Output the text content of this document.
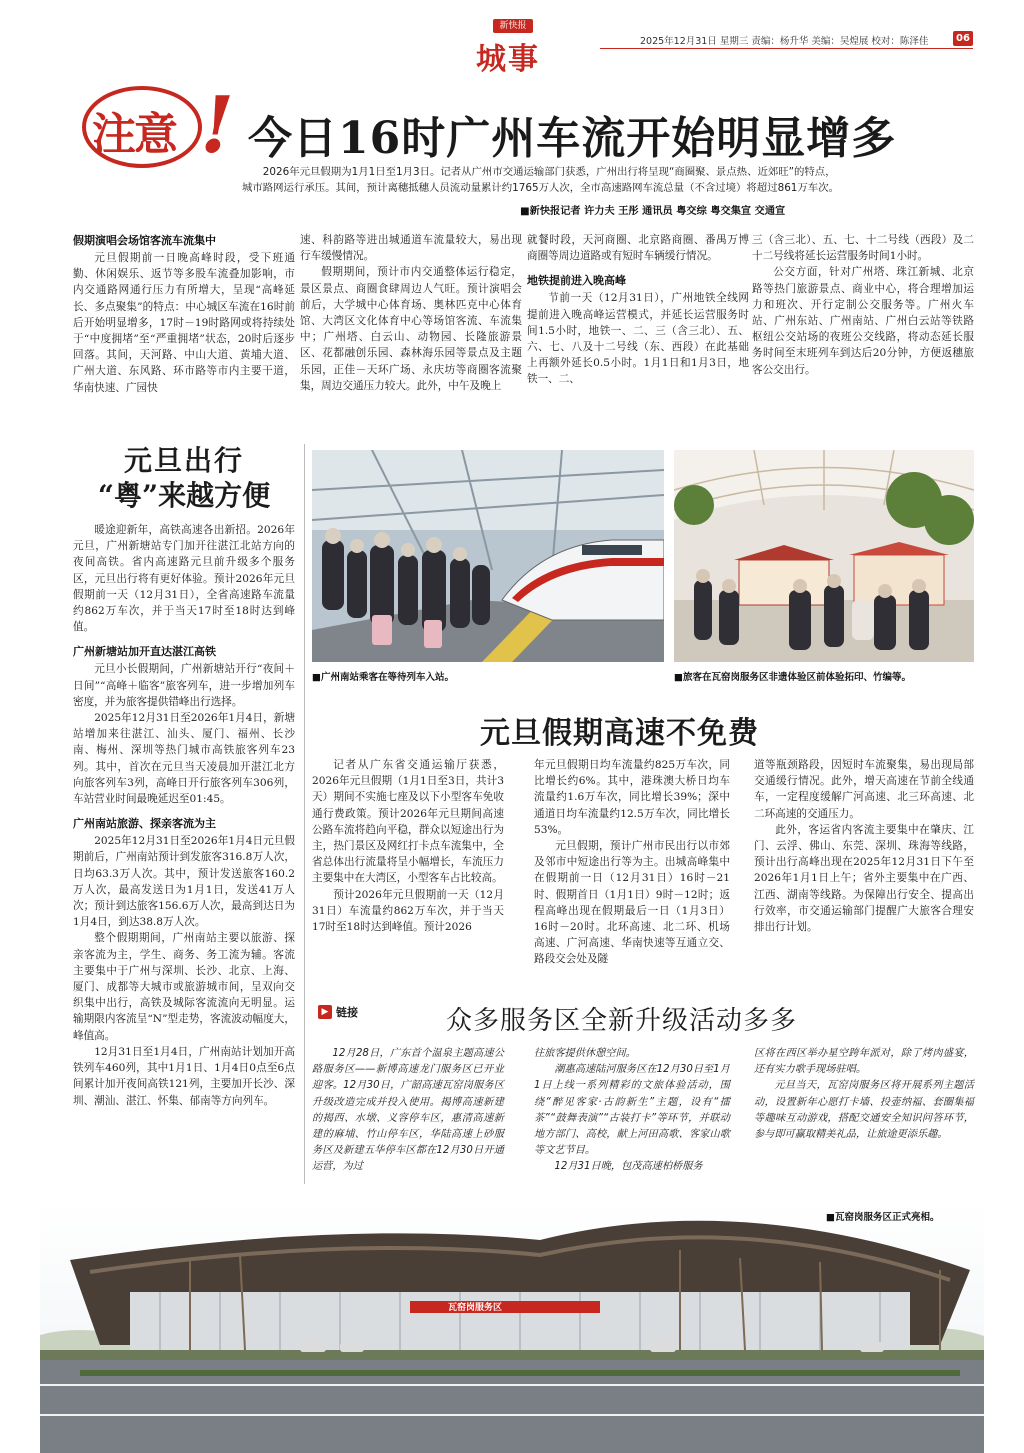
新快报
城事
2025年12月31日 星期三 责编：杨升华 美编：吴煌展 校对：陈泽佳	06
注意 ! 今日16时广州车流开始明显增多
2026年元旦假期为1月1日至1月3日。记者从广州市交通运输部门获悉，广州出行将呈现“商圈聚、景点热、近郊旺”的特点，城市路网运行承压。其间，预计离穗抵穗人员流动量累计约1765万人次，全市高速路网车流总量（不含过境）将超过861万车次。
■新快报记者 许力夫 王彤 通讯员 粤交综 粤交集宣 交通宣
假期演唱会场馆客流车流集中

元旦假期前一日晚高峰时段，受下班通勤、休闲娱乐、返节等多股车流叠加影响，市内交通路网通行压力有所增大，呈现“高峰延长、多点聚集”的特点：中心城区车流在16时前后开始明显增多，17时－19时路网或将持续处于“中度拥堵”至“严重拥堵”状态，20时后逐步回落。其间，天河路、中山大道、黄埔大道、广州大道、东风路、环市路等市内主要干道，华南快速、广园快

速、科韵路等进出城通道车流量较大，易出现行车缓慢情况。

假期期间，预计市内交通整体运行稳定，景区景点、商圈食肆周边人气旺。预计演唱会前后，大学城中心体育场、奥林匹克中心体育馆、大湾区文化体育中心等场馆客流、车流集中；广州塔、白云山、动物园、长隆旅游景区、花都融创乐园、森林海乐园等景点及主题乐园，正佳－天环广场、永庆坊等商圈客流聚集，周边交通压力较大。此外，中午及晚上

就餐时段，天河商圈、北京路商圈、番禺万博商圈等周边道路或有短时车辆缓行情况。

地铁提前进入晚高峰

节前一天（12月31日），广州地铁全线网提前进入晚高峰运营模式，并延长运营服务时间1.5小时，地铁一、二、三（含三北）、五、六、七、八及十二号线（东、西段）在此基础上再额外延长0.5小时。1月1日和1月3日，地铁一、二、

三（含三北）、五、七、十二号线（西段）及二十二号线将延长运营服务时间1小时。

公交方面，针对广州塔、珠江新城、北京路等热门旅游景点、商业中心，将合理增加运力和班次、开行定制公交服务等。广州火车站、广州东站、广州南站、广州白云站等铁路枢纽公交站场的夜班公交线路，将动态延长服务时间至末班列车到达后20分钟，方便返穗旅客公交出行。

元旦出行
“粤”来越方便

暖途迎新年，高铁高速各出新招。2026年元旦，广州新塘站专门加开往湛江北站方向的夜间高铁。省内高速路元旦前升级多个服务区，元旦出行将有更好体验。预计2026年元旦假期前一天（12月31日），全省高速路车流量约862万车次，并于当天17时至18时达到峰值。

广州新塘站加开直达湛江高铁

元旦小长假期间，广州新塘站开行“夜间＋日间”“高峰＋临客”旅客列车，进一步增加列车密度，并为旅客提供错峰出行选择。

2025年12月31日至2026年1月4日，新塘站增加来往湛江、汕头、厦门、福州、长沙南、梅州、深圳等热门城市高铁旅客列车23列。其中，首次在元旦当天凌晨加开湛江北方向旅客列车3列，高峰日开行旅客列车306列，车站营业时间最晚延迟至01:45。

广州南站旅游、探亲客流为主

2025年12月31日至2026年1月4日元旦假期前后，广州南站预计到发旅客316.8万人次，日均63.3万人次。其中，预计发送旅客160.2万人次，最高发送日为1月1日，发送41万人次；预计到达旅客156.6万人次，最高到达日为1月4日，到达38.8万人次。

整个假期期间，广州南站主要以旅游、探亲客流为主，学生、商务、务工流为辅。客流主要集中于广州与深圳、长沙、北京、上海、厦门、成都等大城市或旅游城市间，呈双向交织集中出行，高铁及城际客流流向无明显。运输期限内客流呈“N”型走势，客流波动幅度大，峰值高。

12月31日至1月4日，广州南站计划加开高铁列车460列，其中1月1日、1月4日0点至6点间累计加开夜间高铁121列，主要加开长沙、深圳、潮汕、湛江、怀集、郁南等方向列车。

■广州南站乘客在等待列车入站。	■旅客在瓦窑岗服务区非遗体验区前体验拓印、竹编等。
元旦假期高速不免费

记者从广东省交通运输厅获悉，2026年元旦假期（1月1日至3日，共计3天）期间不实施七座及以下小型客车免收通行费政策。预计2026年元旦期间高速公路车流将趋向平稳，群众以短途出行为主，热门景区及网红打卡点车流集中，全省总体出行流量将呈小幅增长，车流压力主要集中在大湾区，小型客车占比较高。

预计2026年元旦假期前一天（12月31日）车流量约862万车次，并于当天17时至18时达到峰值。预计2026

年元旦假期日均车流量约825万车次，同比增长约6%。其中，港珠澳大桥日均车流量约1.6万车次，同比增长39%；深中通道日均车流量约12.5万车次，同比增长53%。

元旦假期，预计广州市民出行以市郊及邻市中短途出行等为主。出城高峰集中在假期前一日（12月31日）16时－21时、假期首日（1月1日）9时－12时；返程高峰出现在假期最后一日（1月3日）16时－20时。北环高速、北二环、机场高速、广河高速、华南快速等互通立交、路段交会处及隧

道等瓶颈路段，因短时车流聚集，易出现局部交通缓行情况。此外，增天高速在节前全线通车，一定程度缓解广河高速、北三环高速、北二环高速的交通压力。

此外，客运省内客流主要集中在肇庆、江门、云浮、佛山、东莞、深圳、珠海等线路，预计出行高峰出现在2025年12月31日下午至2026年1月1日上午；省外主要集中在广西、江西、湖南等线路。为保障出行安全、提高出行效率，市交通运输部门提醒广大旅客合理安排出行计划。

▶ 链接	众多服务区全新升级活动多多

12月28日，广东首个温泉主题高速公路服务区——新博高速龙门服务区已开业迎客。12月30日，广韶高速瓦窑岗服务区升级改造完成并投入使用。揭博高速新建的揭西、水墩、义容停车区，惠清高速新建的麻埔、竹山停车区，华陆高速上砂服务区及新建五华停车区都在12月30日开通运营，为过

往旅客提供休憩空间。

潮惠高速陆河服务区在12月30日至1月1日上线一系列精彩的文旅体验活动，围绕“醉见客家·古韵新生”主题，设有“擂茶”“鼓舞表演”“古装打卡”等环节，并联动地方部门、高校，献上河田高歌、客家山歌等文艺节目。

12月31日晚，包茂高速柏桥服务

区将在西区举办星空跨年派对，除了烤肉盛宴，还有实力歌手现场驻唱。

元旦当天，瓦窑岗服务区将开展系列主题活动，设置新年心愿打卡墙、投壶纳福、套圈集福等趣味互动游戏，搭配交通安全知识问答环节，参与即可赢取精美礼品，让旅途更添乐趣。

瓦窑岗服务区
■瓦窑岗服务区正式亮相。
